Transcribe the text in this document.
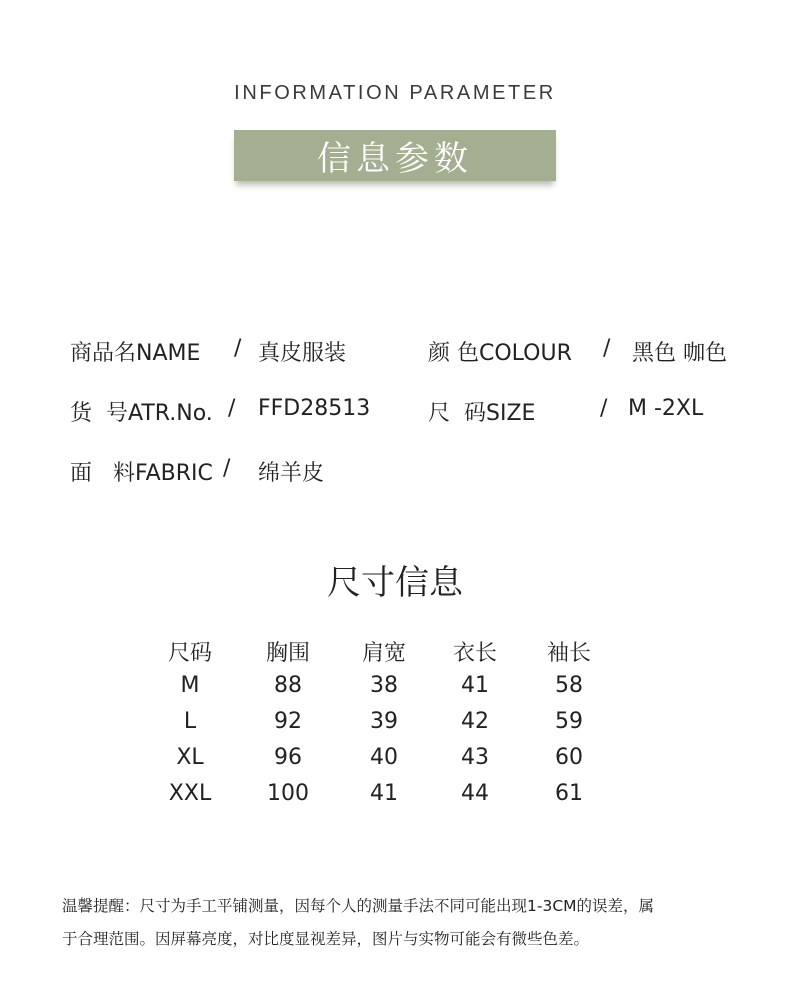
INFORMATION PARAMETER
信息参数
商品名NAME / 真皮服装	颜 色COLOUR / 黑色 咖色
货  号ATR.No. / FFD28513	尺  码SIZE	/ M -2XL
面   料FABRIC / 绵羊皮
尺寸信息
尺码	胸围	肩宽	衣长	袖长
M	88	38	41	58
L	92	39	42	59
XL	96	40	43	60
XXL	100	41	44	61
温馨提醒：尺寸为手工平铺测量，因每个人的测量手法不同可能出现1-3CM的误差，属
于合理范围。因屏幕亮度，对比度显视差异，图片与实物可能会有微些色差。
